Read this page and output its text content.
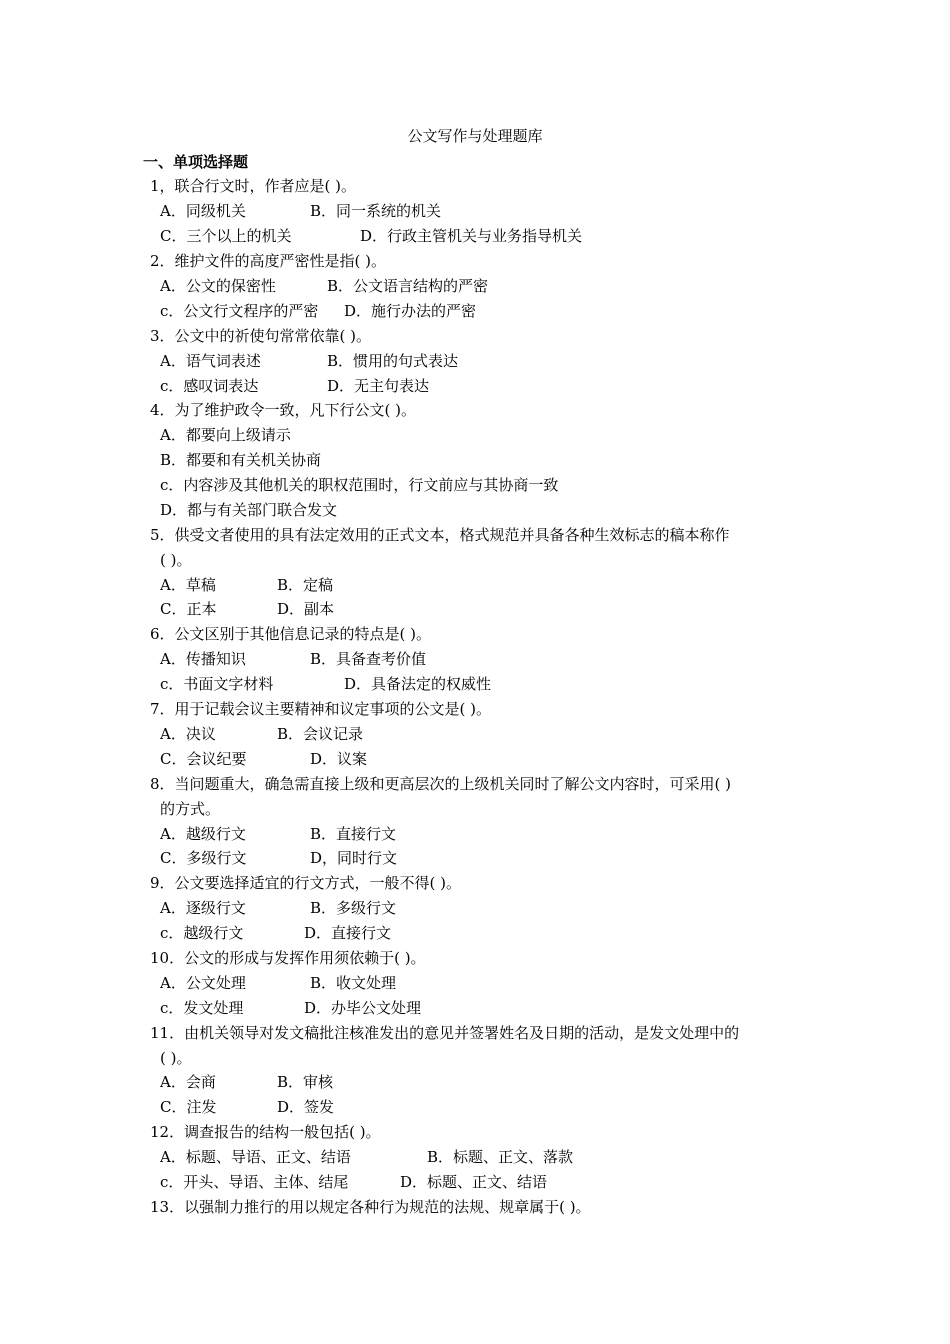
公文写作与处理题库
一、单项选择题
1，联合行文时，作者应是( )。
A．同级机关	B．同一系统的机关
C．三个以上的机关	D．行政主管机关与业务指导机关
2．维护文件的高度严密性是指( )。
A．公文的保密性	B．公文语言结构的严密
c．公文行文程序的严密	D．施行办法的严密
3．公文中的祈使句常常依靠( )。
A．语气词表述	B．惯用的句式表达
c．感叹词表达	D．无主句表达
4．为了维护政令一致，凡下行公文( )。
A．都要向上级请示
B．都要和有关机关协商
c．内容涉及其他机关的职权范围时，行文前应与其协商一致
D．都与有关部门联合发文
5．供受文者使用的具有法定效用的正式文本，格式规范并具备各种生效标志的稿本称作
( )。
A．草稿	B．定稿
C．正本	D．副本
6．公文区别于其他信息记录的特点是( )。
A．传播知识	B．具备查考价值
c．书面文字材料	D．具备法定的权威性
7．用于记载会议主要精神和议定事项的公文是( )。
A．决议	B．会议记录
C．会议纪要	D．议案
8．当问题重大，确急需直接上级和更高层次的上级机关同时了解公文内容时，可采用( )
的方式。
A．越级行文	B．直接行文
C．多级行文	D，同时行文
9．公文要选择适宜的行文方式，一般不得( )。
A．逐级行文	B．多级行文
c．越级行文	D．直接行文
10．公文的形成与发挥作用须依赖于( )。
A．公文处理	B．收文处理
c．发文处理	D．办毕公文处理
11．由机关领导对发文稿批注核准发出的意见并签署姓名及日期的活动，是发文处理中的
( )。
A．会商	B．审核
C．注发	D．签发
12．调查报告的结构一般包括( )。
A．标题、导语、正文、结语	B．标题、正文、落款
c．开头、导语、主体、结尾	D．标题、正文、结语
13．以强制力推行的用以规定各种行为规范的法规、规章属于( )。
